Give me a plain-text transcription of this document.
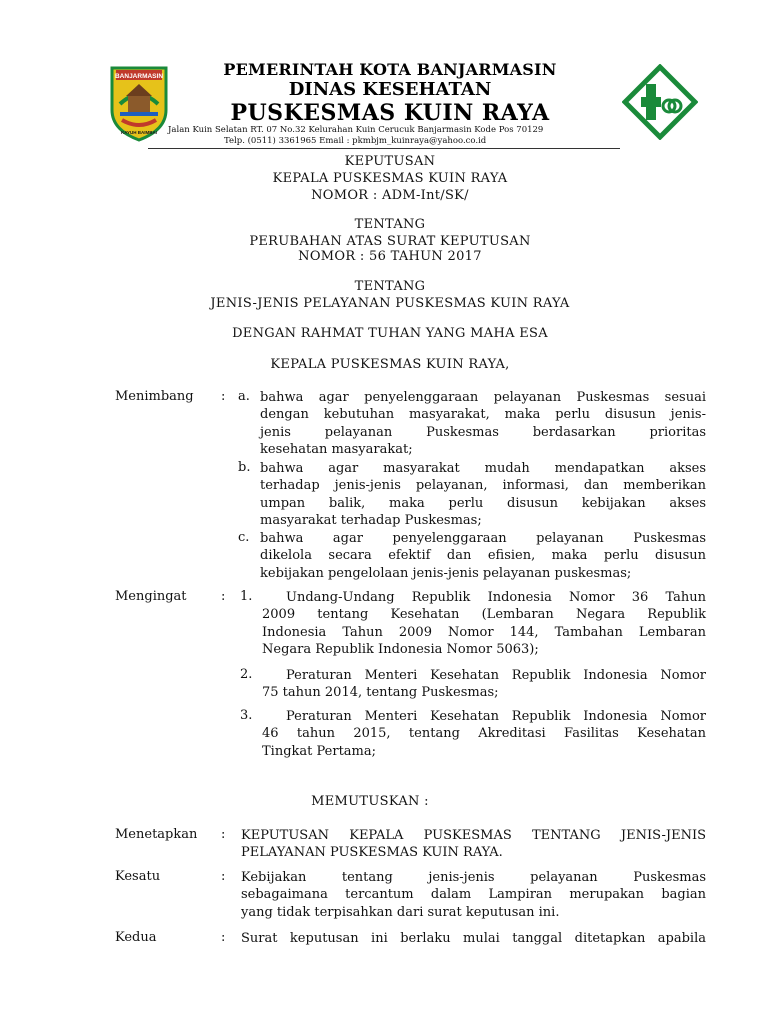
BANJARMASIN
KAYUH BAIMBAI
PEMERINTAH KOTA BANJARMASIN
DINAS KESEHATAN
PUSKESMAS KUIN RAYA
Jalan Kuin Selatan RT. 07 No.32 Kelurahan Kuin Cerucuk Banjarmasin Kode Pos 70129
Telp. (0511) 3361965 Email : pkmbjm_kuinraya@yahoo.co.id
KEPUTUSAN
KEPALA PUSKESMAS KUIN RAYA
NOMOR : ADM-Int/SK/
TENTANG
PERUBAHAN ATAS SURAT KEPUTUSAN
NOMOR : 56 TAHUN 2017
TENTANG
JENIS-JENIS PELAYANAN PUSKESMAS KUIN RAYA
DENGAN RAHMAT TUHAN YANG MAHA ESA
KEPALA PUSKESMAS KUIN RAYA,
Menimbang : a. bahwa agar penyelenggaraan pelayanan Puskesmas sesuai
dengan kebutuhan masyarakat, maka perlu disusun jenis-
jenis pelayanan Puskesmas berdasarkan prioritas
kesehatan masyarakat;
b. bahwa agar masyarakat mudah mendapatkan akses
terhadap jenis-jenis pelayanan, informasi, dan memberikan
umpan balik, maka perlu disusun kebijakan akses
masyarakat terhadap Puskesmas;
c. bahwa agar penyelenggaraan pelayanan Puskesmas
dikelola secara efektif dan efisien, maka perlu disusun
kebijakan pengelolaan jenis-jenis pelayanan puskesmas;
Mengingat	: 1.	Undang-Undang Republik Indonesia Nomor 36 Tahun
2009 tentang Kesehatan (Lembaran Negara Republik
Indonesia Tahun 2009 Nomor 144, Tambahan Lembaran
Negara Republik Indonesia Nomor 5063);
2.	Peraturan Menteri Kesehatan Republik Indonesia Nomor
75 tahun 2014, tentang Puskesmas;
3.	Peraturan Menteri Kesehatan Republik Indonesia Nomor
46 tahun 2015, tentang Akreditasi Fasilitas Kesehatan
Tingkat Pertama;
MEMUTUSKAN :
Menetapkan : KEPUTUSAN KEPALA PUSKESMAS TENTANG JENIS-JENIS
PELAYANAN PUSKESMAS KUIN RAYA.
Kesatu	: Kebijakan tentang jenis-jenis pelayanan Puskesmas
sebagaimana tercantum dalam Lampiran merupakan bagian
yang tidak terpisahkan dari surat keputusan ini.
Kedua	: Surat keputusan ini berlaku mulai tanggal ditetapkan apabila
